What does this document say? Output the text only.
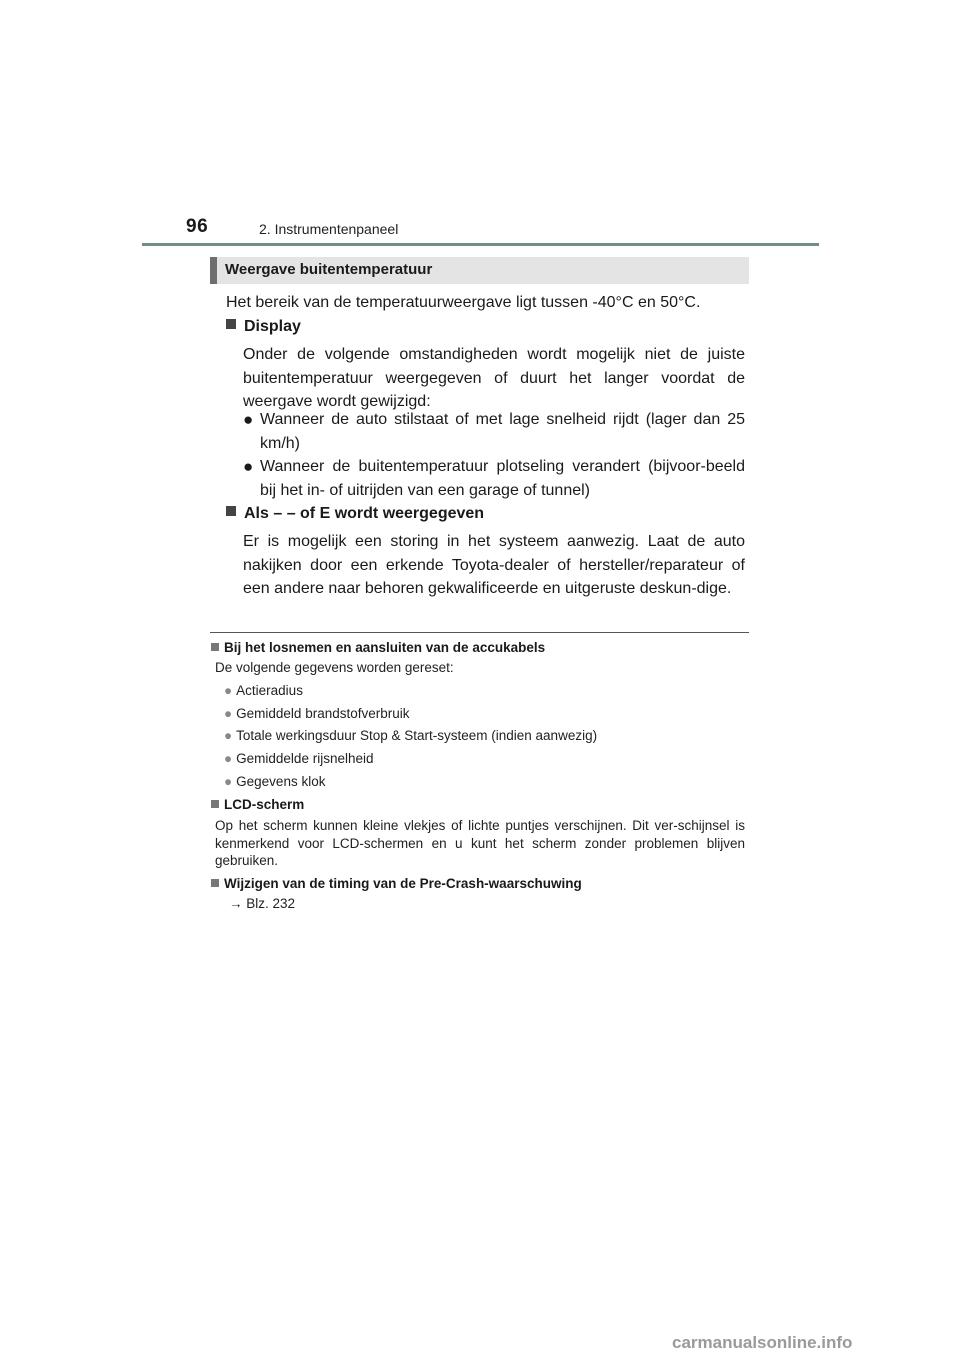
96	2. Instrumentenpaneel
Weergave buitentemperatuur
Het bereik van de temperatuurweergave ligt tussen -40°C en 50°C.
Display
Onder de volgende omstandigheden wordt mogelijk niet de juiste buitentemperatuur weergegeven of duurt het langer voordat de weergave wordt gewijzigd:
● Wanneer de auto stilstaat of met lage snelheid rijdt (lager dan 25 km/h)
● Wanneer de buitentemperatuur plotseling verandert (bijvoor-beeld bij het in- of uitrijden van een garage of tunnel)
Als – – of E wordt weergegeven
Er is mogelijk een storing in het systeem aanwezig. Laat de auto nakijken door een erkende Toyota-dealer of hersteller/reparateur of een andere naar behoren gekwalificeerde en uitgeruste deskun-dige.
Bij het losnemen en aansluiten van de accukabels
De volgende gegevens worden gereset:
● Actieradius
● Gemiddeld brandstofverbruik
● Totale werkingsduur Stop & Start-systeem (indien aanwezig)
● Gemiddelde rijsnelheid
● Gegevens klok
LCD-scherm
Op het scherm kunnen kleine vlekjes of lichte puntjes verschijnen. Dit ver-schijnsel is kenmerkend voor LCD-schermen en u kunt het scherm zonder problemen blijven gebruiken.
Wijzigen van de timing van de Pre-Crash-waarschuwing
→ Blz. 232
carmanualsonline.info
